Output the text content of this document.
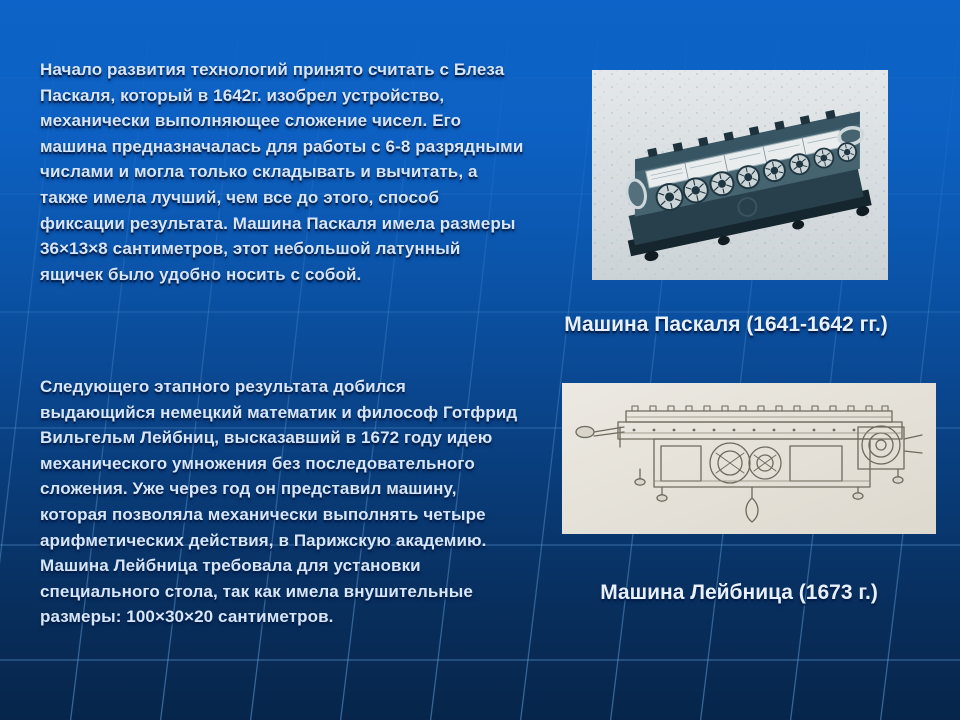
Начало развития технологий принято считать с Блеза Паскаля, который в 1642г. изобрел устройство, механически выполняющее сложение чисел. Его машина предназначалась для работы с 6-8 разрядными числами и могла только складывать и вычитать, а также имела лучший, чем все до этого, способ фиксации результата. Машина Паскаля имела размеры 36×13×8 сантиметров, этот небольшой латунный ящичек было удобно носить с собой.
Следующего этапного результата добился выдающийся немецкий математик и философ Готфрид Вильгельм Лейбниц, высказавший в 1672 году идею механического умножения без последовательного сложения. Уже через год он представил машину, которая позволяла механически выполнять четыре арифметических действия, в Парижскую академию. Машина Лейбница требовала для установки специального стола, так как имела внушительные размеры: 100×30×20 сантиметров.
Машина Паскаля (1641-1642 гг.)
Машина Лейбница (1673 г.)
